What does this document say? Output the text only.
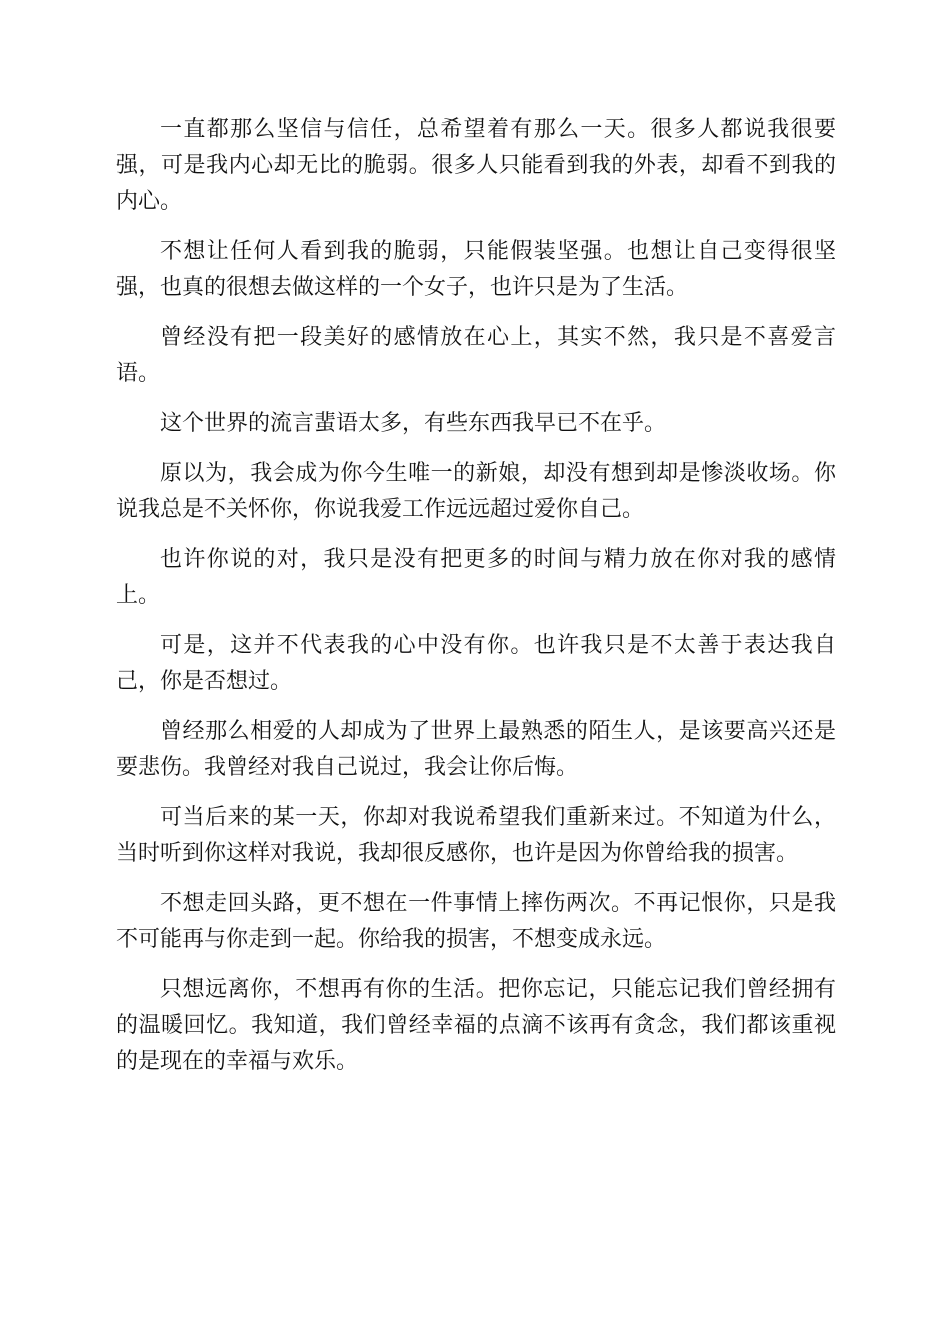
一直都那么坚信与信任，总希望着有那么一天。很多人都说我很要强，可是我内心却无比的脆弱。很多人只能看到我的外表，却看不到我的内心。

不想让任何人看到我的脆弱，只能假装坚强。也想让自己变得很坚强，也真的很想去做这样的一个女子，也许只是为了生活。

曾经没有把一段美好的感情放在心上，其实不然，我只是不喜爱言语。

这个世界的流言蜚语太多，有些东西我早已不在乎。

原以为，我会成为你今生唯一的新娘，却没有想到却是惨淡收场。你说我总是不关怀你，你说我爱工作远远超过爱你自己。

也许你说的对，我只是没有把更多的时间与精力放在你对我的感情上。

可是，这并不代表我的心中没有你。也许我只是不太善于表达我自己，你是否想过。

曾经那么相爱的人却成为了世界上最熟悉的陌生人，是该要高兴还是要悲伤。我曾经对我自己说过，我会让你后悔。

可当后来的某一天，你却对我说希望我们重新来过。不知道为什么，当时听到你这样对我说，我却很反感你，也许是因为你曾给我的损害。

不想走回头路，更不想在一件事情上摔伤两次。不再记恨你，只是我不可能再与你走到一起。你给我的损害，不想变成永远。

只想远离你，不想再有你的生活。把你忘记，只能忘记我们曾经拥有的温暖回忆。我知道，我们曾经幸福的点滴不该再有贪念，我们都该重视的是现在的幸福与欢乐。
